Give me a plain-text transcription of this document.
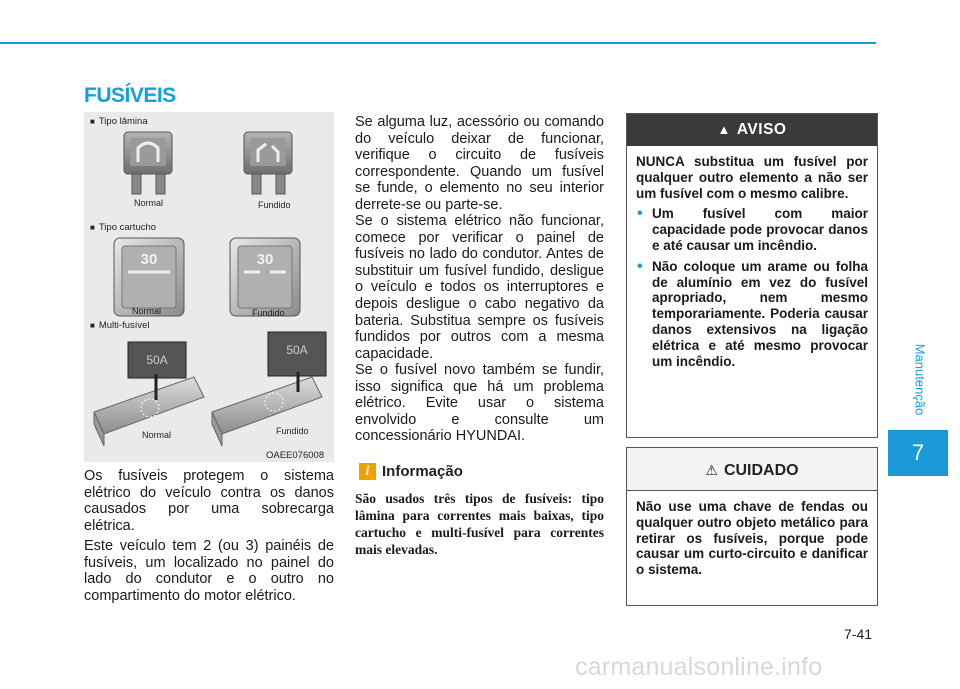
FUSÍVEIS
30	30
50A
50A
■ Tipo lâmina
Normal	Fundido
■ Tipo cartucho
Normal	Fundido
■ Multi-fusível
Normal	Fundido
OAEE076008

Os fusíveis protegem o sistema elétrico do veículo contra os danos causados por uma sobrecarga elétrica.

Este veículo tem 2 (ou 3) painéis de fusíveis, um localizado no painel do lado do condutor e o outro no compartimento do motor elétrico.

Se alguma luz, acessório ou comando do veículo deixar de funcionar, verifique o circuito de fusíveis correspondente. Quando um fusível se funde, o elemento no seu interior derrete-se ou parte-se.

Se o sistema elétrico não funcionar, comece por verificar o painel de fusíveis no lado do condutor. Antes de substituir um fusível fundido, desligue o veículo e todos os interruptores e depois desligue o cabo negativo da bateria. Substitua sempre os fusíveis fundidos por outros com a mesma capacidade.

Se o fusível novo também se fundir, isso significa que há um problema elétrico. Evite usar o sistema envolvido e consulte um concessionário HYUNDAI.

i Informação

São usados três tipos de fusíveis: tipo lâmina para correntes mais baixas, tipo cartucho e multi-fusível para correntes mais elevadas.

▲ AVISO

NUNCA substitua um fusível por qualquer outro elemento a não ser um fusível com o mesmo calibre.

• Um fusível com maior capacidade pode provocar danos e até causar um incêndio.
• Não coloque um arame ou folha de alumínio em vez do fusível apropriado, nem mesmo temporariamente. Poderia causar danos extensivos na ligação elétrica e até mesmo provocar um incêndio.
⚠ CUIDADO

Não use uma chave de fendas ou qualquer outro objeto metálico para retirar os fusíveis, porque pode causar um curto-circuito e danificar o sistema.

Manutenção
7
7-41
carmanualsonline.info
